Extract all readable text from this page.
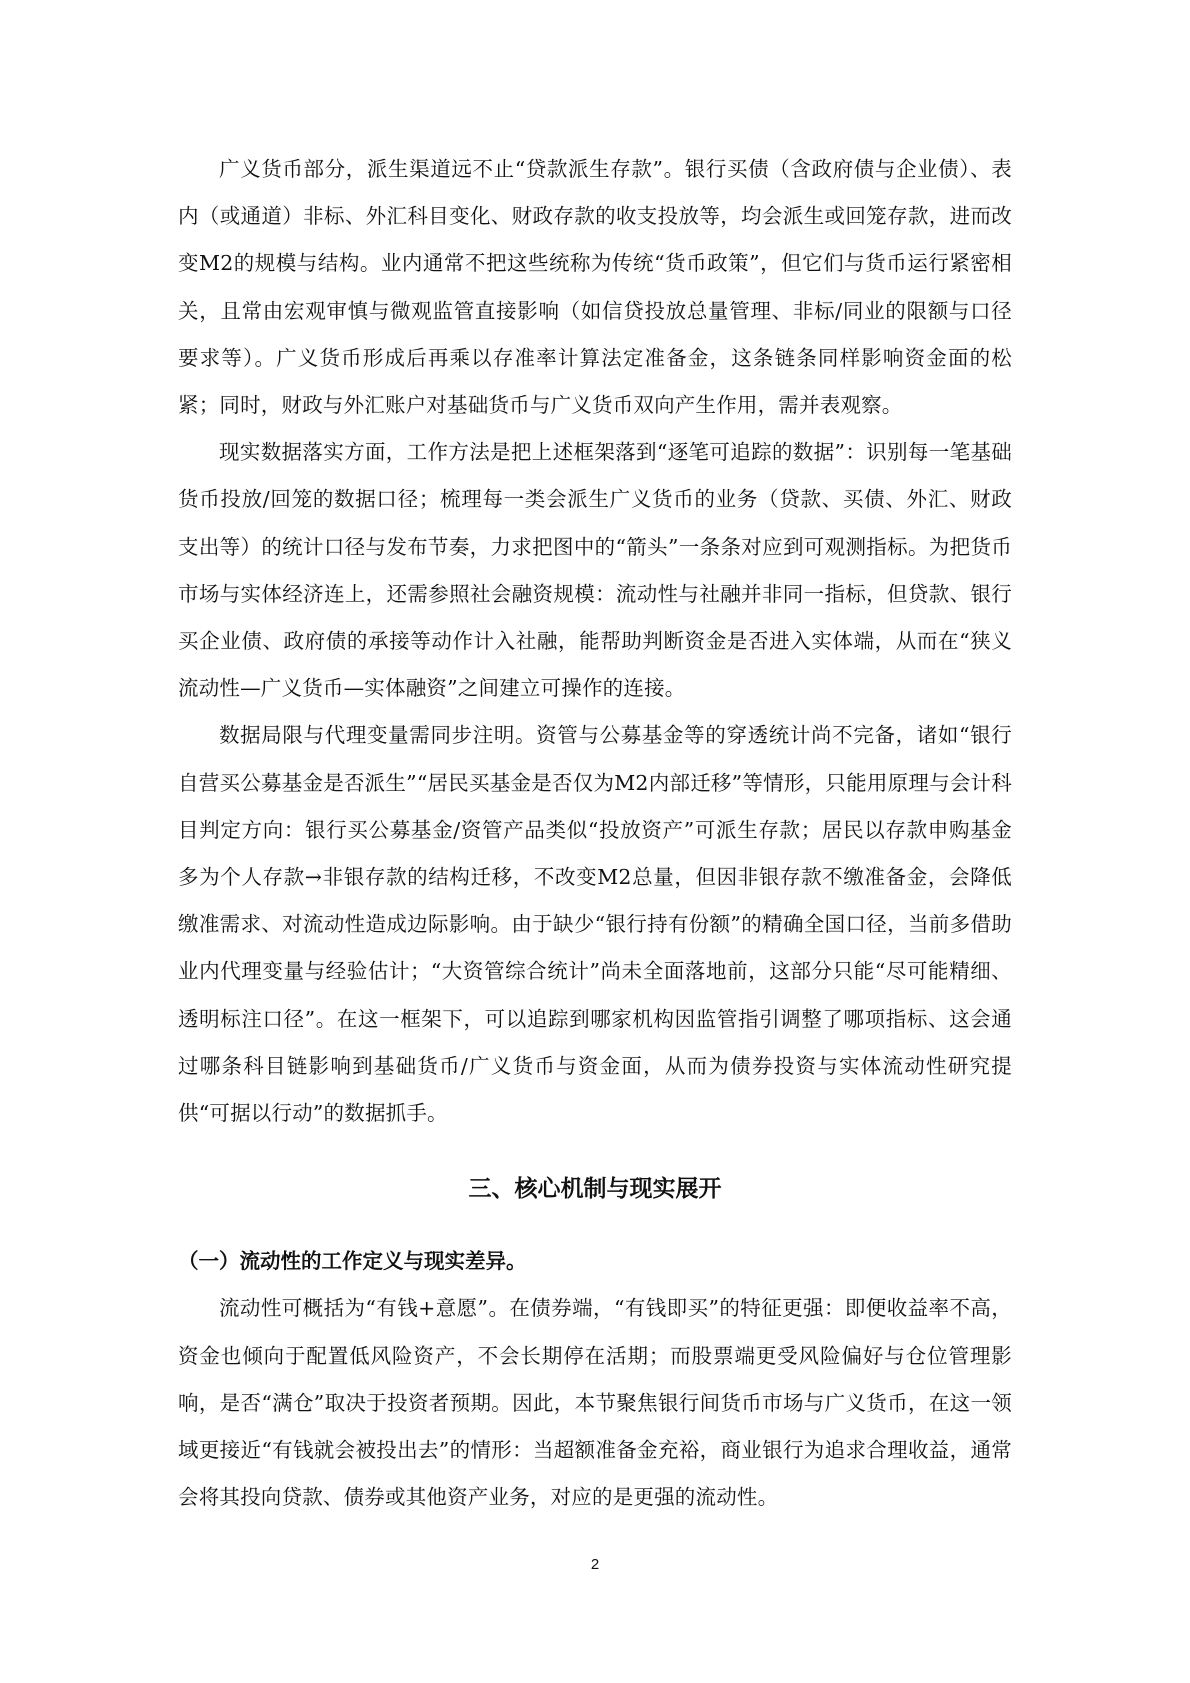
广义货币部分，派生渠道远不止“贷款派生存款”。银行买债（含政府债与企业债）、表内（或通道）非标、外汇科目变化、财政存款的收支投放等，均会派生或回笼存款，进而改变M2的规模与结构。业内通常不把这些统称为传统“货币政策”，但它们与货币运行紧密相关，且常由宏观审慎与微观监管直接影响（如信贷投放总量管理、非标/同业的限额与口径要求等）。广义货币形成后再乘以存准率计算法定准备金，这条链条同样影响资金面的松紧；同时，财政与外汇账户对基础货币与广义货币双向产生作用，需并表观察。

现实数据落实方面，工作方法是把上述框架落到“逐笔可追踪的数据”：识别每一笔基础货币投放/回笼的数据口径；梳理每一类会派生广义货币的业务（贷款、买债、外汇、财政支出等）的统计口径与发布节奏，力求把图中的“箭头”一条条对应到可观测指标。为把货币市场与实体经济连上，还需参照社会融资规模：流动性与社融并非同一指标，但贷款、银行买企业债、政府债的承接等动作计入社融，能帮助判断资金是否进入实体端，从而在“狭义流动性—广义货币—实体融资”之间建立可操作的连接。

数据局限与代理变量需同步注明。资管与公募基金等的穿透统计尚不完备，诸如“银行自营买公募基金是否派生”“居民买基金是否仅为M2内部迁移”等情形，只能用原理与会计科目判定方向：银行买公募基金/资管产品类似“投放资产”可派生存款；居民以存款申购基金多为个人存款→非银存款的结构迁移，不改变M2总量，但因非银存款不缴准备金，会降低缴准需求、对流动性造成边际影响。由于缺少“银行持有份额”的精确全国口径，当前多借助业内代理变量与经验估计；“大资管综合统计”尚未全面落地前，这部分只能“尽可能精细、透明标注口径”。在这一框架下，可以追踪到哪家机构因监管指引调整了哪项指标、这会通过哪条科目链影响到基础货币/广义货币与资金面，从而为债券投资与实体流动性研究提供“可据以行动”的数据抓手。

三、核心机制与现实展开

（一）流动性的工作定义与现实差异。

流动性可概括为“有钱+意愿”。在债券端，“有钱即买”的特征更强：即便收益率不高，资金也倾向于配置低风险资产，不会长期停在活期；而股票端更受风险偏好与仓位管理影响，是否“满仓”取决于投资者预期。因此，本节聚焦银行间货币市场与广义货币，在这一领域更接近“有钱就会被投出去”的情形：当超额准备金充裕，商业银行为追求合理收益，通常会将其投向贷款、债券或其他资产业务，对应的是更强的流动性。

2
